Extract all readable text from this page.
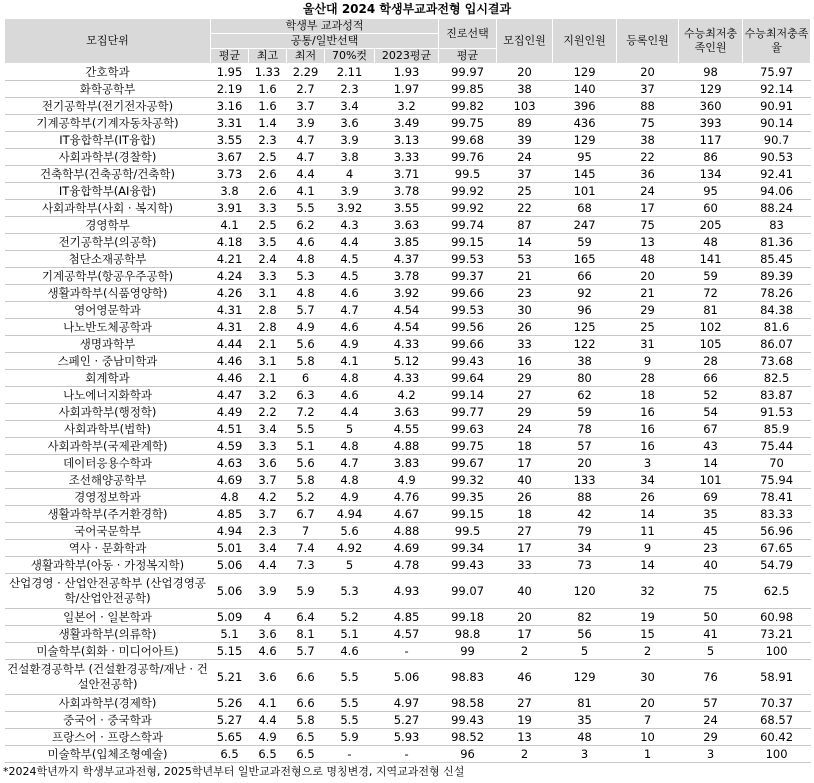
울산대 2024 학생부교과전형 입시결과
모집단위	학생부 교과성적					진로선택	모집인원	지원인원	등록인원	수능최저충족인원	수능최저충족율
	공통/일반선택										
	평균	최고	최저	70%컷	2023평균	평균					
간호학과	1.95	1.33	2.29	2.11	1.93	99.97	20	129	20	98	75.97
화학공학부	2.19	1.6	2.7	2.3	1.97	99.85	38	140	37	129	92.14
전기공학부(전기전자공학)	3.16	1.6	3.7	3.4	3.2	99.82	103	396	88	360	90.91
기계공학부(기계자동차공학)	3.31	1.4	3.9	3.6	3.49	99.75	89	436	75	393	90.14
IT융합학부(IT융합)	3.55	2.3	4.7	3.9	3.13	99.68	39	129	38	117	90.7
사회과학부(경찰학)	3.67	2.5	4.7	3.8	3.33	99.76	24	95	22	86	90.53
건축학부(건축공학/건축학)	3.73	2.6	4.4	4	3.71	99.5	37	145	36	134	92.41
IT융합학부(AI융합)	3.8	2.6	4.1	3.9	3.78	99.92	25	101	24	95	94.06
사회과학부(사회 · 복지학)	3.91	3.3	5.5	3.92	3.55	99.92	22	68	17	60	88.24
경영학부	4.1	2.5	6.2	4.3	3.63	99.74	87	247	75	205	83
전기공학부(의공학)	4.18	3.5	4.6	4.4	3.85	99.15	14	59	13	48	81.36
첨단소재공학부	4.21	2.4	4.8	4.5	4.37	99.53	53	165	48	141	85.45
기계공학부(항공우주공학)	4.24	3.3	5.3	4.5	3.78	99.37	21	66	20	59	89.39
생활과학부(식품영양학)	4.26	3.1	4.8	4.6	3.92	99.66	23	92	21	72	78.26
영어영문학과	4.31	2.8	5.7	4.7	4.54	99.53	30	96	29	81	84.38
나노반도체공학과	4.31	2.8	4.9	4.6	4.54	99.56	26	125	25	102	81.6
생명과학부	4.44	2.1	5.6	4.9	4.33	99.66	33	122	31	105	86.07
스페인 · 중남미학과	4.46	3.1	5.8	4.1	5.12	99.43	16	38	9	28	73.68
회계학과	4.46	2.1	6	4.8	4.33	99.64	29	80	28	66	82.5
나노에너지화학과	4.47	3.2	6.3	4.6	4.2	99.14	27	62	18	52	83.87
사회과학부(행정학)	4.49	2.2	7.2	4.4	3.63	99.77	29	59	16	54	91.53
사회과학부(법학)	4.51	3.4	5.5	5	4.55	99.63	24	78	16	67	85.9
사회과학부(국제관계학)	4.59	3.3	5.1	4.8	4.88	99.75	18	57	16	43	75.44
데이터응용수학과	4.63	3.6	5.6	4.7	3.83	99.67	17	20	3	14	70
조선해양공학부	4.69	3.7	5.8	4.8	4.9	99.32	40	133	34	101	75.94
경영정보학과	4.8	4.2	5.2	4.9	4.76	99.35	26	88	26	69	78.41
생활과학부(주거환경학)	4.85	3.7	6.7	4.94	4.67	99.15	18	42	14	35	83.33
국어국문학부	4.94	2.3	7	5.6	4.88	99.5	27	79	11	45	56.96
역사 · 문화학과	5.01	3.4	7.4	4.92	4.69	99.34	17	34	9	23	67.65
생활과학부(아동 · 가정복지학)	5.06	4.4	7.3	5	4.78	99.43	33	73	14	40	54.79
산업경영 · 산업안전공학부 (산업경영공학/산업안전공학)	5.06	3.9	5.9	5.3	4.93	99.07	40	120	32	75	62.5
일본어 · 일본학과	5.09	4	6.4	5.2	4.85	99.18	20	82	19	50	60.98
생활과학부(의류학)	5.1	3.6	8.1	5.1	4.57	98.8	17	56	15	41	73.21
미술학부(회화 · 미디어아트)	5.15	4.6	5.7	4.6	-	99	2	5	2	5	100
건설환경공학부 (건설환경공학/재난 · 건설안전공학)	5.21	3.6	6.6	5.5	5.06	98.83	46	129	30	76	58.91
사회과학부(경제학)	5.26	4.1	6.6	5.5	4.97	98.58	27	81	20	57	70.37
중국어 · 중국학과	5.27	4.4	5.8	5.5	5.27	99.43	19	35	7	24	68.57
프랑스어 · 프랑스학과	5.65	4.9	6.5	5.9	5.93	98.52	13	48	10	29	60.42
미술학부(입체조형예술)	6.5	6.5	6.5	-	-	96	2	3	1	3	100
*2024학년까지 학생부교과전형, 2025학년부터 일반교과전형으로 명칭변경, 지역교과전형 신설
